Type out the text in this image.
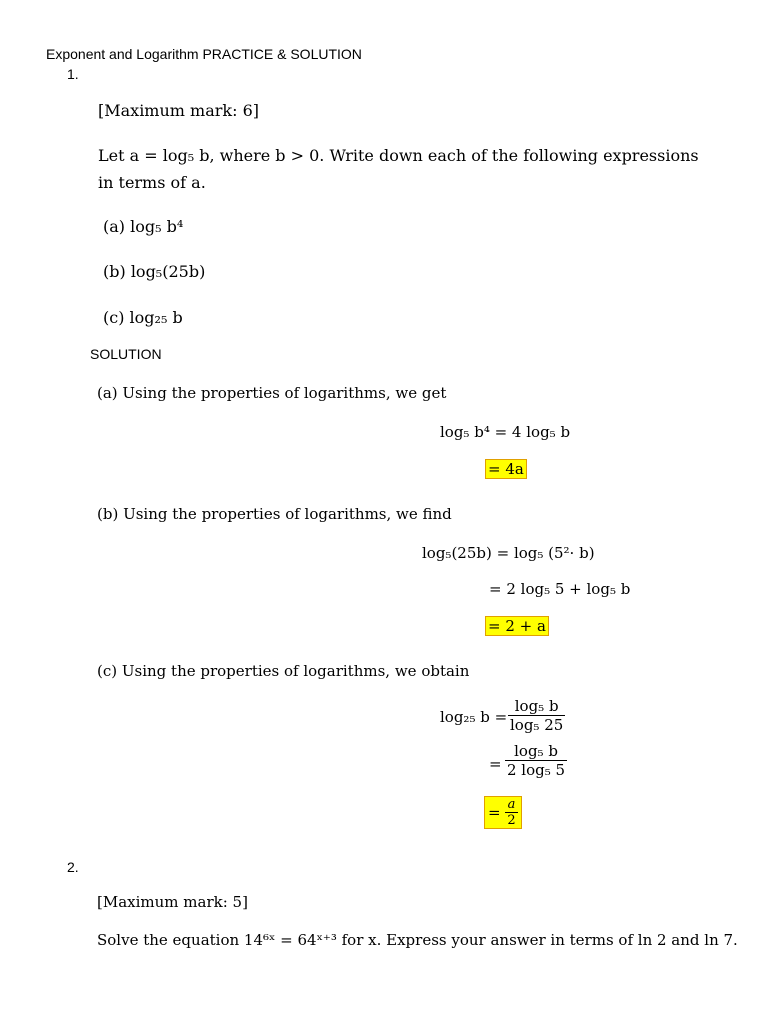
Exponent and Logarithm PRACTICE & SOLUTION
1.
[Maximum mark: 6]
Let a = log₅ b, where b > 0. Write down each of the following expressions
in terms of a.
(a) log₅ b⁴
(b) log₅(25b)
(c) log₂₅ b
SOLUTION
(a) Using the properties of logarithms, we get
log₅ b⁴ = 4 log₅ b
= 4a
(b) Using the properties of logarithms, we find
log₅(25b) = log₅ (5²· b)
= 2 log₅ 5 + log₅ b
= 2 + a
(c) Using the properties of logarithms, we obtain
log₂₅ $b = \frac{\text{log₅ b}}{\text{log₅ 25}}$
= $\frac{\text{log₅ b}}{\text{2 log₅ 5}}$
= $\frac{a}{2}$
2.
[Maximum mark: 5]
Solve the equation 14⁶ˣ = 64ˣ⁺³ for x. Express your answer in terms of ln 2 and ln 7.
